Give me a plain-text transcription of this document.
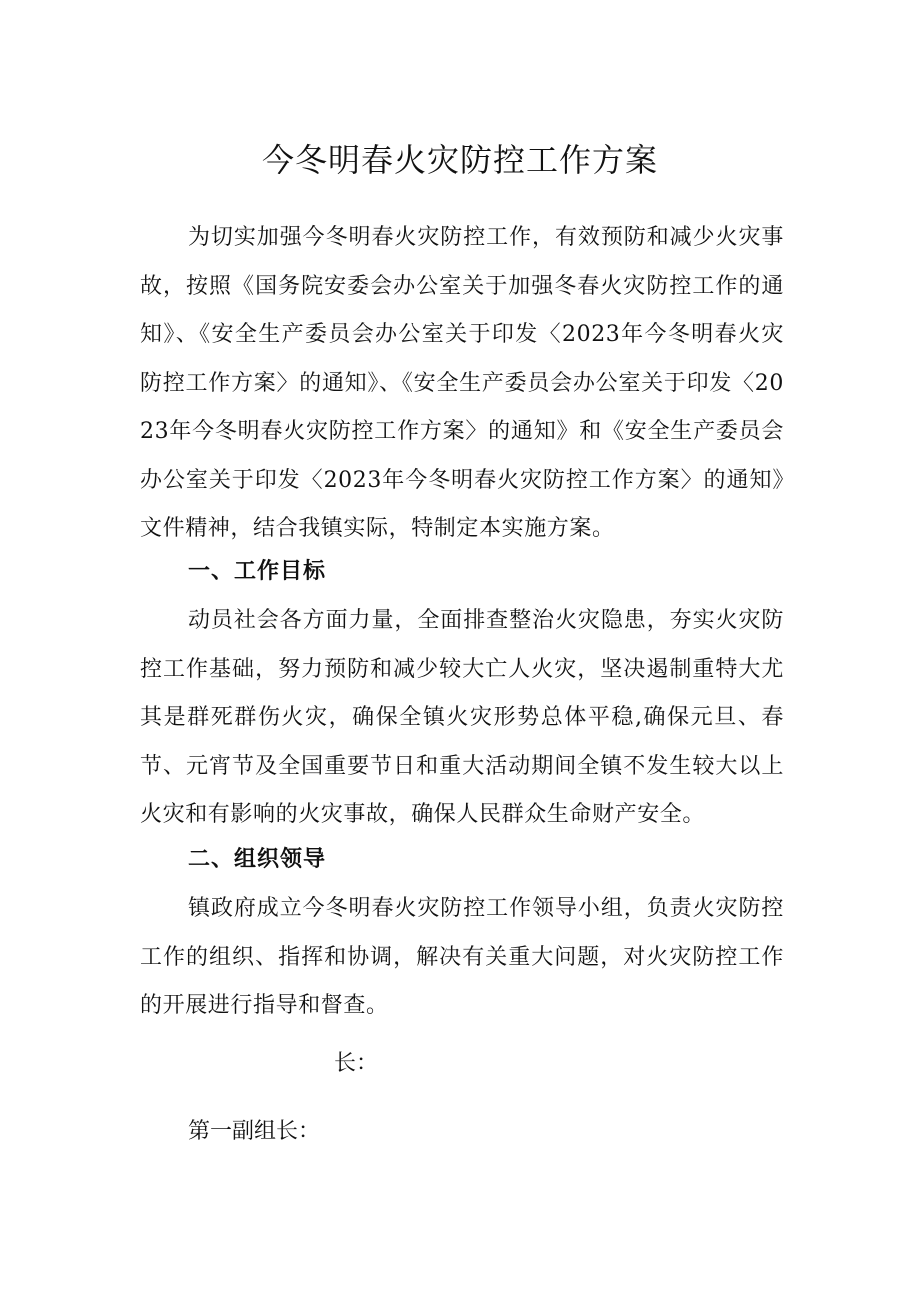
今冬明春火灾防控工作方案

为切实加强今冬明春火灾防控工作，有效预防和减少火灾事故，按照《国务院安委会办公室关于加强冬春火灾防控工作的通知》、《安全生产委员会办公室关于印发〈2023年今冬明春火灾防控工作方案〉的通知》、《安全生产委员会办公室关于印发〈2023年今冬明春火灾防控工作方案〉的通知》和《安全生产委员会办公室关于印发〈2023年今冬明春火灾防控工作方案〉的通知》文件精神，结合我镇实际，特制定本实施方案。

一、工作目标

动员社会各方面力量，全面排查整治火灾隐患，夯实火灾防控工作基础，努力预防和减少较大亡人火灾，坚决遏制重特大尤其是群死群伤火灾，确保全镇火灾形势总体平稳,确保元旦、春节、元宵节及全国重要节日和重大活动期间全镇不发生较大以上火灾和有影响的火灾事故，确保人民群众生命财产安全。

二、组织领导

镇政府成立今冬明春火灾防控工作领导小组，负责火灾防控工作的组织、指挥和协调，解决有关重大问题，对火灾防控工作的开展进行指导和督查。

长：

第一副组长：
